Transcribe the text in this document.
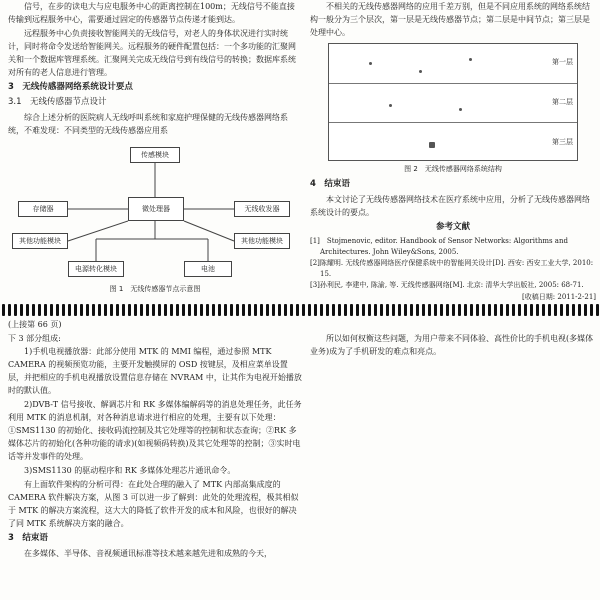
信号，在步的读电大与应电服务中心的距离控制在100m；无线信号不能直接传输到远程服务中心，需要通过固定的传感器节点传递才能到达。
远程服务中心负责接收智能网关的无线信号，对老人的身体状况进行实时统计，同时将命令发送给智能网关。远程服务的硬件配置包括：一个多功能的汇聚网关和一个数据库管理系统。汇聚网关完成无线信号到有线信号的转换；数据库系统对所有的老人信息进行管理。
3　无线传感器网络系统设计要点
3.1　无线传感器节点设计
综合上述分析的医院病人无线呼叫系统和家庭护理保健的无线传感器网络系统，不难发现：不同类型的无线传感器应用系
传感模块
存储器	微处理器	无线收发器
其他功能模块	其他功能模块
电源转化模块	电池
图 1　无线传感器节点示意图
不相关的无线传感器网络的应用千差万别，但是不同应用系统的网络系统结构一般分为三个层次，第一层是无线传感器节点；第二层是中间节点；第三层是处理中心。
第一层
第二层
第三层
图 2　无线传感器网络系统结构
4　结束语
本文讨论了无线传感器网络技术在医疗系统中应用，分析了无线传感器网络系统设计的要点。
参考文献
[1]　Stojmenovic, editor. Handbook of Sensor Networks: Algorithms and Architectures. John Wiley&Sons, 2005.
[2]陈耀明. 无线传感器网络医疗保健系统中的智能网关设计[D]. 西安: 西安工业大学, 2010: 15.
[3]孙利民, 李建中, 陈渝, 等. 无线传感器网络[M]. 北京: 清华大学出版社, 2005: 68-71.
[收稿日期: 2011-2-21]
(上接第 66 页)
下 3 部分组成:
1)手机电视播放器：此部分使用 MTK 的 MMI 编程，通过参照 MTK CAMERA 的视频预览功能，主要开发触摸屏的 OSD 按键层，及相应菜单设置层，并把相应的手机电视播放设置信息存储在 NVRAM 中，让其作为电视开始播放时的默认值。
2)DVB-T 信号接收、解调芯片和 RK 多媒体编解码等的消息处理任务，此任务利用 MTK 的消息机制，对各种消息请求进行相应的处理，主要有以下处理：①SMS1130 的初始化、接收码流控制及其它处理等的控制和状态查询；②RK 多媒体芯片的初始化(各种功能的请求)(如视频码转换)及其它处理等的控制；③实时电话等并发事件的处理。
3)SMS1130 的驱动程序和 RK 多媒体处理芯片通讯命令。
有上面软件架构的分析可得：在此处合理的融入了 MTK 内部高集成度的 CAMERA 软件解决方案，从图 3 可以进一步了解到：此处的处理流程，极其相似于 MTK 的解决方案流程，这大大的降低了软件开发的成本和风险，也很好的解决了同 MTK 系统解决方案的融合。
3　结束语
在多媒体、半导体、音视频通讯标准等技术越来越先进和成熟的今天，
所以如何权衡这些问题，为用户带来不同体验、高性价比的手机电视(多媒体业务)成为了手机研发的难点和亮点。
